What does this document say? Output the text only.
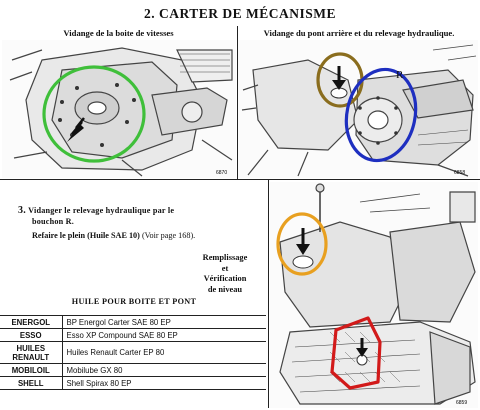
2. CARTER DE MÉCANISME
Vidange de la boite de vitesses
6870
Vidange du pont arrière et du relevage hydraulique.
R
6858
3. Vidanger le relevage hydraulique par le
bouchon R.
Refaire le plein (Huile SAE 10) (Voir page 168).
Remplissage
et
Vérification
de niveau
HUILE POUR BOITE ET PONT
ENERGOL	BP Energol Carter SAE 80 EP
ESSO	Esso XP Compound SAE 80 EP
HUILES
RENAULT	Huiles Renault Carter EP 80
MOBILOIL	Mobilube GX 80
SHELL	Shell Spirax 80 EP
6859
